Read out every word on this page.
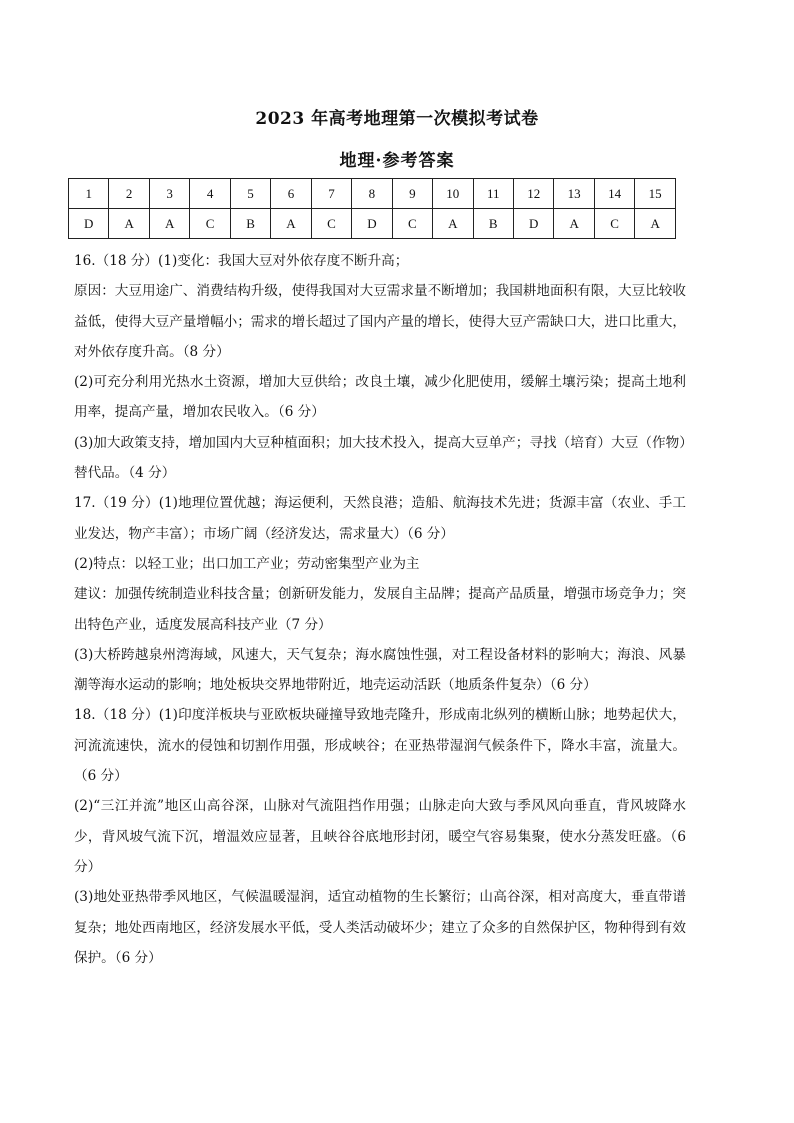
2023 年高考地理第一次模拟考试卷
地理·参考答案
1	2	3	4	5	6	7	8	9	10	11	12	13	14	15
D	A	A	C	B	A	C	D	C	A	B	D	A	C	A

16.（18 分）(1)变化：我国大豆对外依存度不断升高；

原因：大豆用途广、消费结构升级，使得我国对大豆需求量不断增加；我国耕地面积有限，大豆比较收益低，使得大豆产量增幅小；需求的增长超过了国内产量的增长，使得大豆产需缺口大，进口比重大，对外依存度升高。（8 分）

(2)可充分利用光热水土资源，增加大豆供给；改良土壤，减少化肥使用，缓解土壤污染；提高土地利用率，提高产量，增加农民收入。（6 分）

(3)加大政策支持，增加国内大豆种植面积；加大技术投入，提高大豆单产；寻找（培育）大豆（作物）替代品。（4 分）

17.（19 分）(1)地理位置优越；海运便利，天然良港；造船、航海技术先进；货源丰富（农业、手工业发达，物产丰富）；市场广阔（经济发达，需求量大）（6 分）

(2)特点：以轻工业；出口加工产业；劳动密集型产业为主

建议：加强传统制造业科技含量；创新研发能力，发展自主品牌；提高产品质量，增强市场竞争力；突出特色产业，适度发展高科技产业（7 分）

(3)大桥跨越泉州湾海域，风速大，天气复杂；海水腐蚀性强，对工程设备材料的影响大；海浪、风暴潮等海水运动的影响；地处板块交界地带附近，地壳运动活跃（地质条件复杂）（6 分）

18.（18 分）(1)印度洋板块与亚欧板块碰撞导致地壳隆升，形成南北纵列的横断山脉；地势起伏大，河流流速快，流水的侵蚀和切割作用强，形成峡谷；在亚热带湿润气候条件下，降水丰富，流量大。（6 分）

(2)“三江并流”地区山高谷深，山脉对气流阻挡作用强；山脉走向大致与季风风向垂直，背风坡降水少，背风坡气流下沉，增温效应显著，且峡谷谷底地形封闭，暖空气容易集聚，使水分蒸发旺盛。（6 分）

(3)地处亚热带季风地区，气候温暖湿润，适宜动植物的生长繁衍；山高谷深，相对高度大，垂直带谱复杂；地处西南地区，经济发展水平低，受人类活动破坏少；建立了众多的自然保护区，物种得到有效保护。（6 分）
